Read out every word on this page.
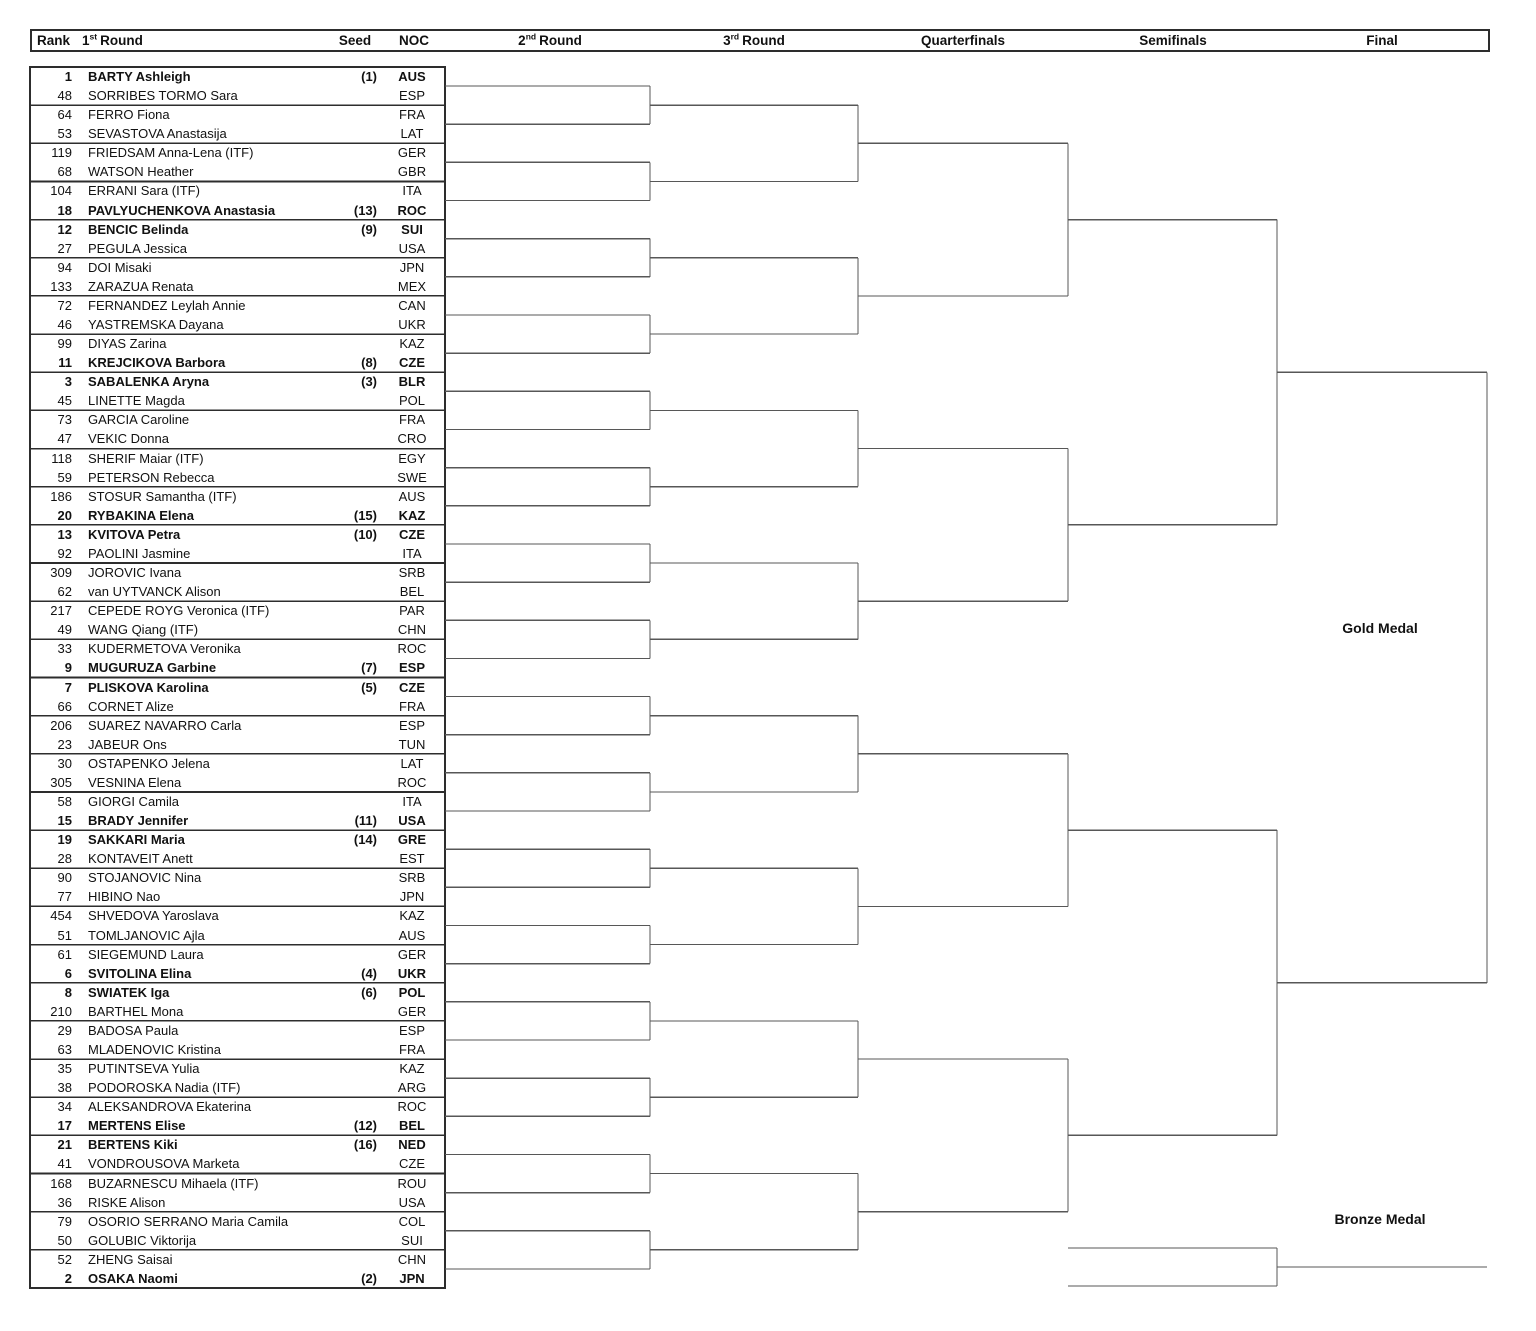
Rank 1st Round	Seed	NOC	2nd Round	3rd Round	Quarterfinals	Semifinals	Final
1 BARTY Ashleigh	(1)	AUS
48 SORRIBES TORMO Sara	ESP
64 FERRO Fiona	FRA
53 SEVASTOVA Anastasija	LAT
119 FRIEDSAM Anna-Lena (ITF)	GER
68 WATSON Heather	GBR
104 ERRANI Sara (ITF)	ITA
18 PAVLYUCHENKOVA Anastasia	(13)	ROC
12 BENCIC Belinda	(9)	SUI
27 PEGULA Jessica	USA
94 DOI Misaki	JPN
133 ZARAZUA Renata	MEX
72 FERNANDEZ Leylah Annie	CAN
46 YASTREMSKA Dayana	UKR
99 DIYAS Zarina	KAZ
11 KREJCIKOVA Barbora	(8)	CZE
3 SABALENKA Aryna	(3)	BLR
45 LINETTE Magda	POL
73 GARCIA Caroline	FRA
47 VEKIC Donna	CRO
118 SHERIF Maiar (ITF)	EGY
59 PETERSON Rebecca	SWE
186 STOSUR Samantha (ITF)	AUS
20 RYBAKINA Elena	(15)	KAZ
13 KVITOVA Petra	(10)	CZE
92 PAOLINI Jasmine	ITA
309 JOROVIC Ivana	SRB
62 van UYTVANCK Alison	BEL
217 CEPEDE ROYG Veronica (ITF)	PAR
49 WANG Qiang (ITF)	CHN
33 KUDERMETOVA Veronika	ROC
9 MUGURUZA Garbine	(7)	ESP
7 PLISKOVA Karolina	(5)	CZE
66 CORNET Alize	FRA
206 SUAREZ NAVARRO Carla	ESP
23 JABEUR Ons	TUN
30 OSTAPENKO Jelena	LAT
305 VESNINA Elena	ROC
58 GIORGI Camila	ITA
15 BRADY Jennifer	(11)	USA
19 SAKKARI Maria	(14)	GRE
28 KONTAVEIT Anett	EST
90 STOJANOVIC Nina	SRB
77 HIBINO Nao	JPN
454 SHVEDOVA Yaroslava	KAZ
51 TOMLJANOVIC Ajla	AUS
61 SIEGEMUND Laura	GER
6 SVITOLINA Elina	(4)	UKR
8 SWIATEK Iga	(6)	POL
210 BARTHEL Mona	GER
29 BADOSA Paula	ESP
63 MLADENOVIC Kristina	FRA
35 PUTINTSEVA Yulia	KAZ
38 PODOROSKA Nadia (ITF)	ARG
34 ALEKSANDROVA Ekaterina	ROC
17 MERTENS Elise	(12)	BEL
21 BERTENS Kiki	(16)	NED
41 VONDROUSOVA Marketa	CZE
168 BUZARNESCU Mihaela (ITF)	ROU
36 RISKE Alison	USA
79 OSORIO SERRANO Maria Camila	COL
50 GOLUBIC Viktorija	SUI
52 ZHENG Saisai	CHN
2 OSAKA Naomi	(2)	JPN
Gold Medal
Bronze Medal
